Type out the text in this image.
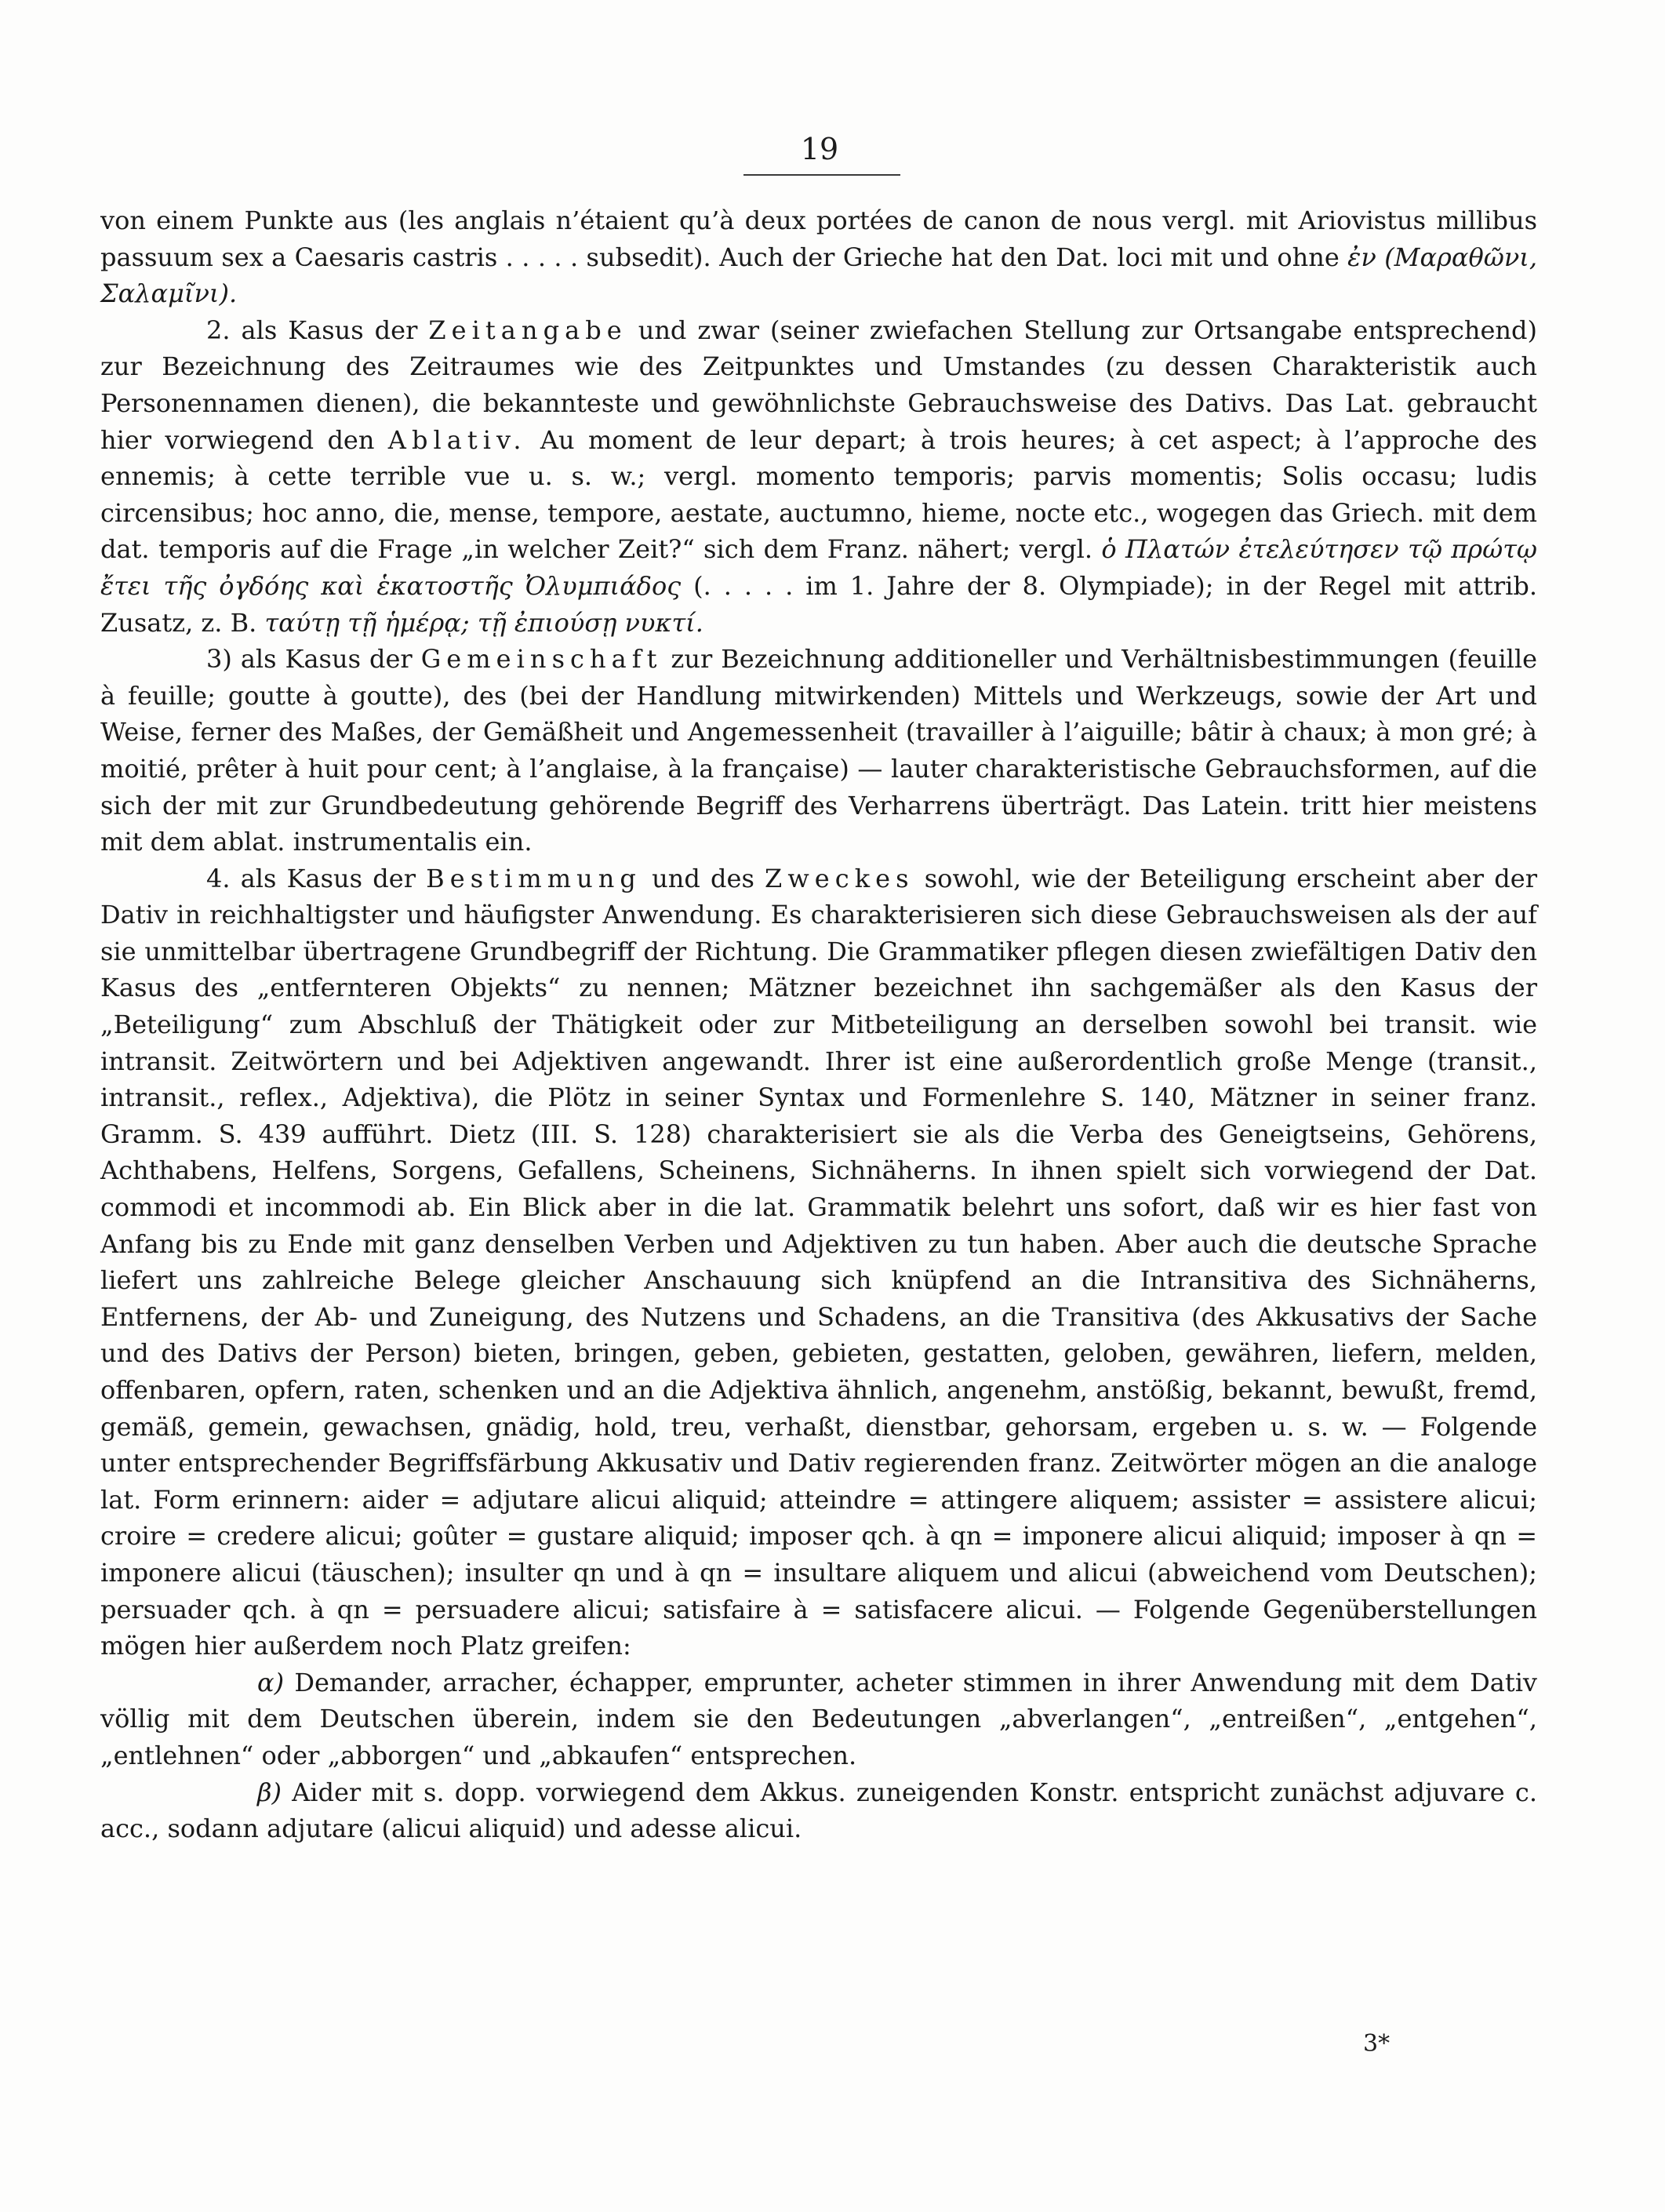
19

von einem Punkte aus (les anglais n’étaient qu’à deux portées de canon de nous vergl. mit Ariovistus millibus passuum sex a Caesaris castris . . . . . subsedit). Auch der Grieche hat den Dat. loci mit und ohne ἐν (Μαραθῶνι, Σαλαμῖνι).

2. als Kasus der Zeitangabe und zwar (seiner zwiefachen Stellung zur Ortsangabe entsprechend) zur Bezeichnung des Zeitraumes wie des Zeitpunktes und Umstandes (zu dessen Charakteristik auch Personennamen dienen), die bekannteste und gewöhnlichste Gebrauchsweise des Dativs. Das Lat. gebraucht hier vorwiegend den Ablativ. Au moment de leur depart; à trois heures; à cet aspect; à l’approche des ennemis; à cette terrible vue u. s. w.; vergl. momento temporis; parvis momentis; Solis occasu; ludis circensibus; hoc anno, die, mense, tempore, aestate, auctumno, hieme, nocte etc., wogegen das Griech. mit dem dat. temporis auf die Frage „in welcher Zeit?“ sich dem Franz. nähert; vergl. ὁ Πλατών ἐτελεύτησεν τῷ πρώτῳ ἔτει τῆς ὀγδόης καὶ ἑκατοστῆς Ὀλυμπιάδος (. . . . . im 1. Jahre der 8. Olympiade); in der Regel mit attrib. Zusatz, z. B. ταύτῃ τῇ ἡμέρᾳ; τῇ ἐπιούσῃ νυκτί.

3) als Kasus der Gemeinschaft zur Bezeichnung additioneller und Verhältnisbestimmungen (feuille à feuille; goutte à goutte), des (bei der Handlung mitwirkenden) Mittels und Werkzeugs, sowie der Art und Weise, ferner des Maßes, der Gemäßheit und Angemessenheit (travailler à l’aiguille; bâtir à chaux; à mon gré; à moitié, prêter à huit pour cent; à l’anglaise, à la française) — lauter charakteristische Gebrauchsformen, auf die sich der mit zur Grundbedeutung gehörende Begriff des Verharrens überträgt. Das Latein. tritt hier meistens mit dem ablat. instrumentalis ein.

4. als Kasus der Bestimmung und des Zweckes sowohl, wie der Beteiligung erscheint aber der Dativ in reichhaltigster und häufigster Anwendung. Es charakterisieren sich diese Gebrauchsweisen als der auf sie unmittelbar übertragene Grundbegriff der Richtung. Die Grammatiker pflegen diesen zwiefältigen Dativ den Kasus des „entfernteren Objekts“ zu nennen; Mätzner bezeichnet ihn sachgemäßer als den Kasus der „Beteiligung“ zum Abschluß der Thätigkeit oder zur Mitbeteiligung an derselben sowohl bei transit. wie intransit. Zeitwörtern und bei Adjektiven angewandt. Ihrer ist eine außerordentlich große Menge (transit., intransit., reflex., Adjektiva), die Plötz in seiner Syntax und Formenlehre S. 140, Mätzner in seiner franz. Gramm. S. 439 aufführt. Dietz (III. S. 128) charakterisiert sie als die Verba des Geneigtseins, Gehörens, Achthabens, Helfens, Sorgens, Gefallens, Scheinens, Sichnäherns. In ihnen spielt sich vorwiegend der Dat. commodi et incommodi ab. Ein Blick aber in die lat. Grammatik belehrt uns sofort, daß wir es hier fast von Anfang bis zu Ende mit ganz denselben Verben und Adjektiven zu tun haben. Aber auch die deutsche Sprache liefert uns zahlreiche Belege gleicher Anschauung sich knüpfend an die Intransitiva des Sichnäherns, Entfernens, der Ab- und Zuneigung, des Nutzens und Schadens, an die Transitiva (des Akkusativs der Sache und des Dativs der Person) bieten, bringen, geben, gebieten, gestatten, geloben, gewähren, liefern, melden, offenbaren, opfern, raten, schenken und an die Adjektiva ähnlich, angenehm, anstößig, bekannt, bewußt, fremd, gemäß, gemein, gewachsen, gnädig, hold, treu, verhaßt, dienstbar, gehorsam, ergeben u. s. w. — Folgende unter entsprechender Begriffsfärbung Akkusativ und Dativ regierenden franz. Zeitwörter mögen an die analoge lat. Form erinnern: aider = adjutare alicui aliquid; atteindre = attingere aliquem; assister = assistere alicui; croire = credere alicui; goûter = gustare aliquid; imposer qch. à qn = imponere alicui aliquid; imposer à qn = imponere alicui (täuschen); insulter qn und à qn = insultare aliquem und alicui (abweichend vom Deutschen); persuader qch. à qn = persuadere alicui; satisfaire à = satisfacere alicui. — Folgende Gegenüberstellungen mögen hier außerdem noch Platz greifen:

α) Demander, arracher, échapper, emprunter, acheter stimmen in ihrer Anwendung mit dem Dativ völlig mit dem Deutschen überein, indem sie den Bedeutungen „abverlangen“, „entreißen“, „entgehen“, „entlehnen“ oder „abborgen“ und „abkaufen“ entsprechen.

β) Aider mit s. dopp. vorwiegend dem Akkus. zuneigenden Konstr. entspricht zunächst adjuvare c. acc., sodann adjutare (alicui aliquid) und adesse alicui.

3*
